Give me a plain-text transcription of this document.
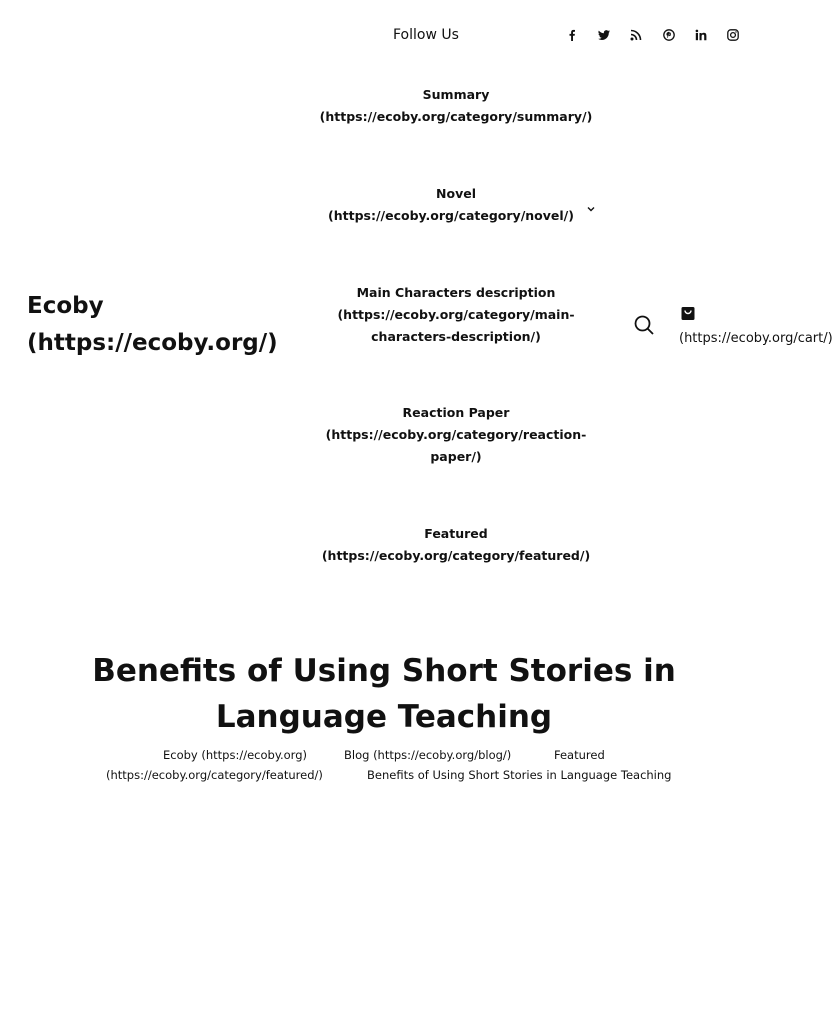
Follow Us
Ecoby
(https://ecoby.org/)
Summary
(https://ecoby.org/category/summary/)
Novel
(https://ecoby.org/category/novel/)
Main Characters description
(https://ecoby.org/category/main-
characters-description/)
Reaction Paper
(https://ecoby.org/category/reaction-
paper/)
Featured
(https://ecoby.org/category/featured/)
(https://ecoby.org/cart/)
Benefits of Using Short Stories in
Language Teaching
Ecoby (https://ecoby.org)	Blog (https://ecoby.org/blog/)	Featured
(https://ecoby.org/category/featured/)	Benefits of Using Short Stories in Language Teaching
